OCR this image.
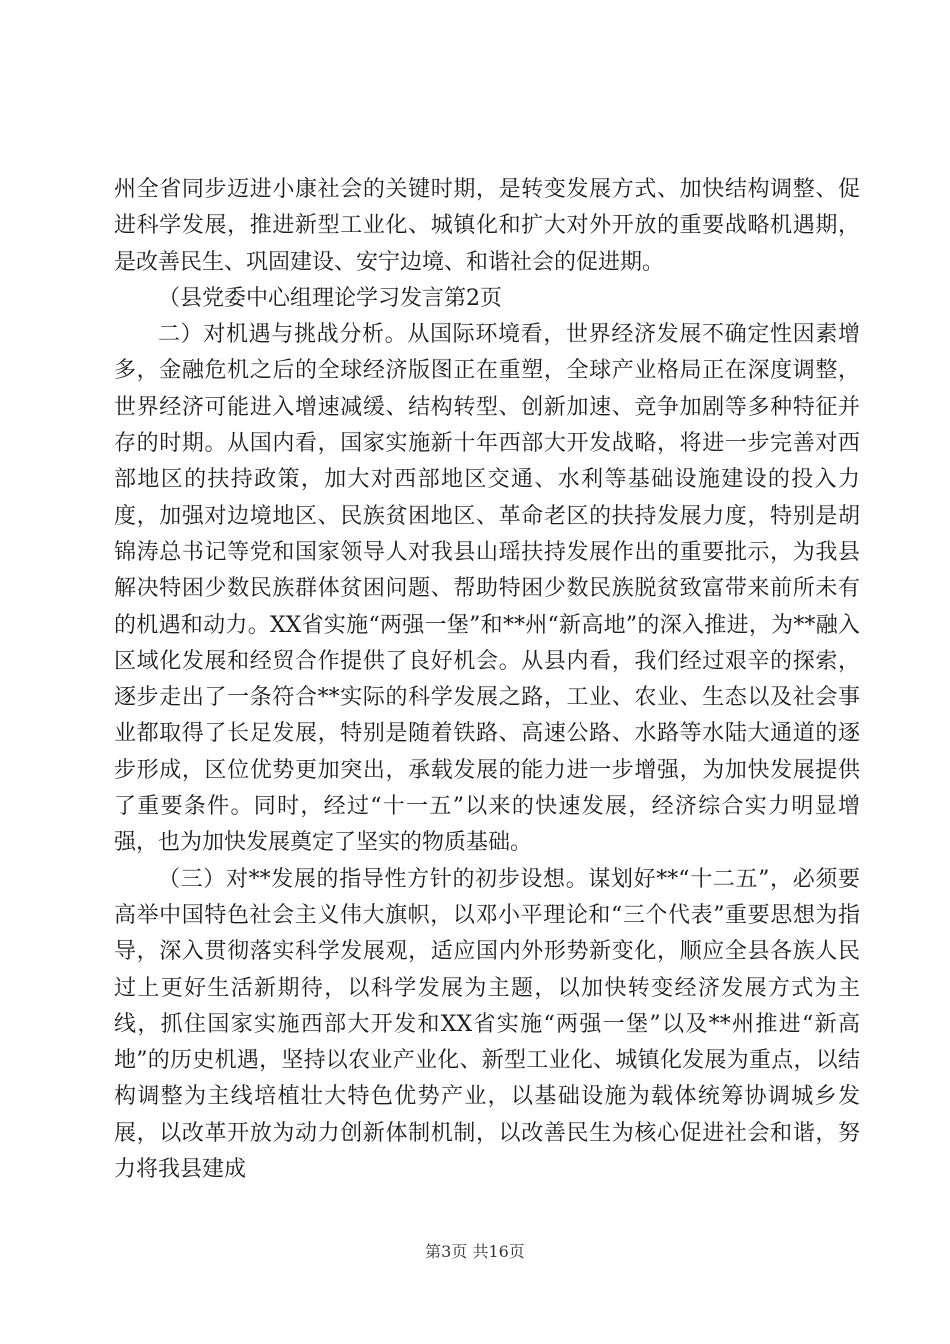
州全省同步迈进小康社会的关键时期，是转变发展方式、加快结构调整、促进科学发展，推进新型工业化、城镇化和扩大对外开放的重要战略机遇期，是改善民生、巩固建设、安宁边境、和谐社会的促进期。

（县党委中心组理论学习发言第2页

二）对机遇与挑战分析。从国际环境看，世界经济发展不确定性因素增多，金融危机之后的全球经济版图正在重塑，全球产业格局正在深度调整，世界经济可能进入增速减缓、结构转型、创新加速、竞争加剧等多种特征并存的时期。从国内看，国家实施新十年西部大开发战略，将进一步完善对西部地区的扶持政策，加大对西部地区交通、水利等基础设施建设的投入力度，加强对边境地区、民族贫困地区、革命老区的扶持发展力度，特别是胡锦涛总书记等党和国家领导人对我县山瑶扶持发展作出的重要批示，为我县解决特困少数民族群体贫困问题、帮助特困少数民族脱贫致富带来前所未有的机遇和动力。XX省实施“两强一堡”和**州“新高地”的深入推进，为**融入区域化发展和经贸合作提供了良好机会。从县内看，我们经过艰辛的探索，逐步走出了一条符合**实际的科学发展之路，工业、农业、生态以及社会事业都取得了长足发展，特别是随着铁路、高速公路、水路等水陆大通道的逐步形成，区位优势更加突出，承载发展的能力进一步增强，为加快发展提供了重要条件。同时，经过“十一五”以来的快速发展，经济综合实力明显增强，也为加快发展奠定了坚实的物质基础。

（三）对**发展的指导性方针的初步设想。谋划好**“十二五”，必须要高举中国特色社会主义伟大旗帜，以邓小平理论和“三个代表”重要思想为指导，深入贯彻落实科学发展观，适应国内外形势新变化，顺应全县各族人民过上更好生活新期待，以科学发展为主题，以加快转变经济发展方式为主线，抓住国家实施西部大开发和XX省实施“两强一堡”以及**州推进“新高地”的历史机遇，坚持以农业产业化、新型工业化、城镇化发展为重点，以结构调整为主线培植壮大特色优势产业，以基础设施为载体统筹协调城乡发展，以改革开放为动力创新体制机制，以改善民生为核心促进社会和谐，努力将我县建成

第3页 共16页
